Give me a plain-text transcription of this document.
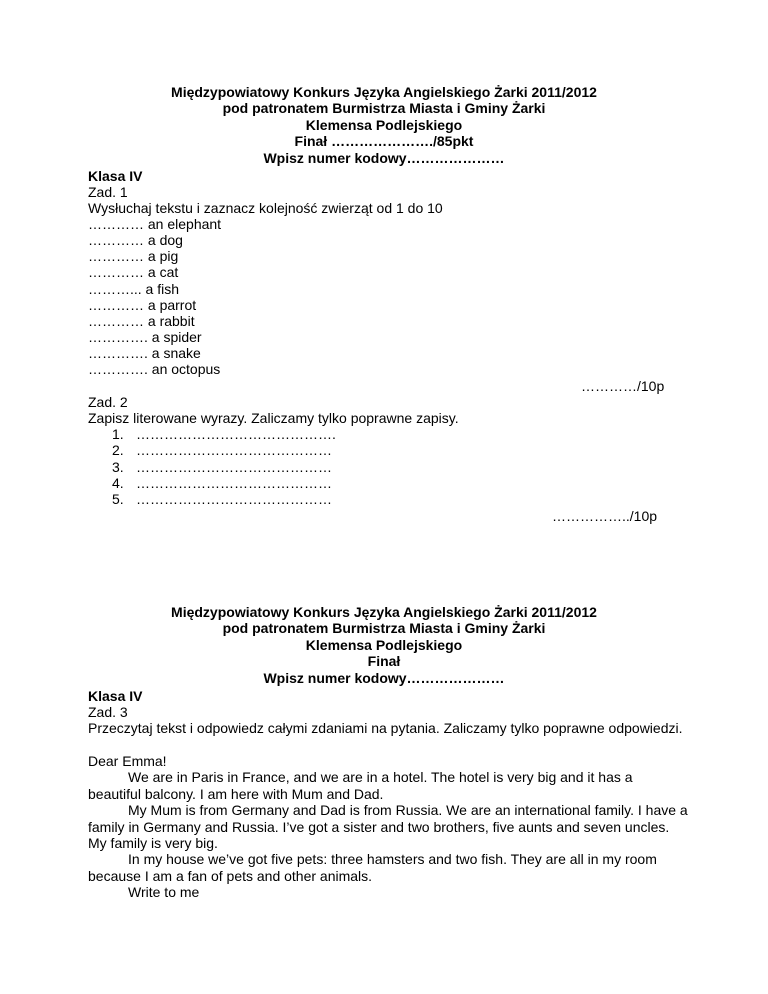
Międzypowiatowy Konkurs Języka Angielskiego Żarki 2011/2012
pod patronatem Burmistrza Miasta i Gminy Żarki
Klemensa Podlejskiego
Finał …………………./85pkt
Wpisz numer kodowy…………………
Klasa IV
Zad. 1
Wysłuchaj tekstu i zaznacz kolejność zwierząt od 1 do 10
………… an elephant
………… a dog
………… a pig
………… a cat
………... a fish
………… a parrot
………… a rabbit
…………. a spider
…………. a snake
…………. an octopus
…………/10p
Zad. 2
Zapisz literowane wyrazy. Zaliczamy tylko poprawne zapisy.
1. …………………………………….
2. ……………………………………
3. ……………………………………
4. ……………………………………
5. ……………………………………
……………../10p
Międzypowiatowy Konkurs Języka Angielskiego Żarki 2011/2012
pod patronatem Burmistrza Miasta i Gminy Żarki
Klemensa Podlejskiego
Finał
Wpisz numer kodowy…………………
Klasa IV
Zad. 3
Przeczytaj tekst i odpowiedz całymi zdaniami na pytania. Zaliczamy tylko poprawne odpowiedzi.
Dear Emma!
We are in Paris in France, and we are in a hotel. The hotel is very big and it has a beautiful balcony. I am here with Mum and Dad.
My Mum is from Germany and Dad is from Russia. We are an international family. I have a family in Germany and Russia. I’ve got a sister and two brothers, five aunts and seven uncles. My family is very big.
In my house we’ve got five pets: three hamsters and two fish. They are all in my room because I am a fan of pets and other animals.
Write to me
